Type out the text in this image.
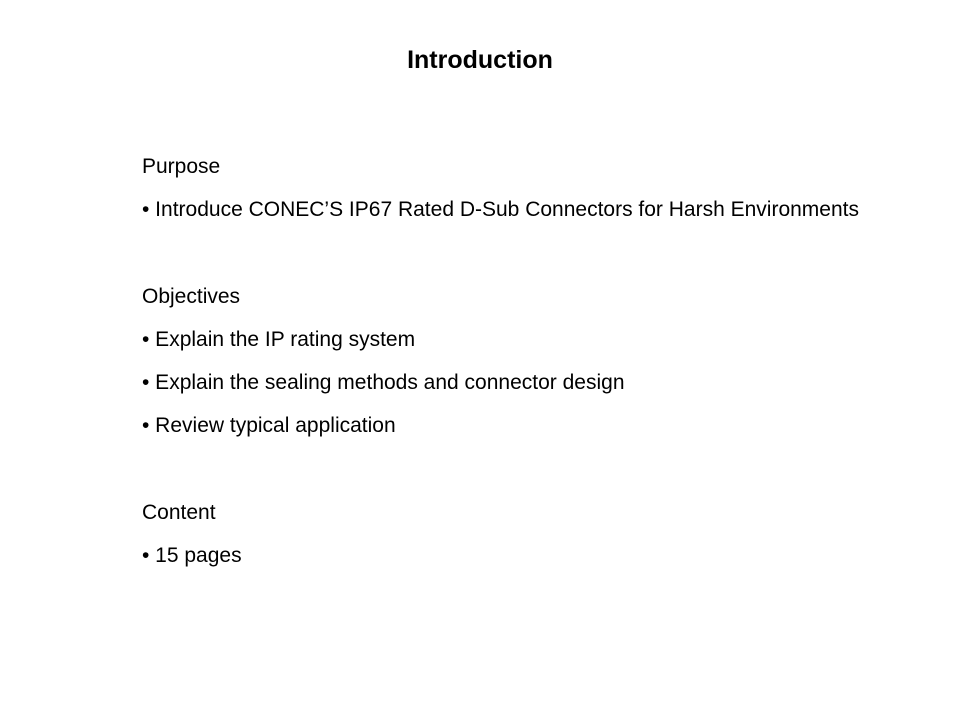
Introduction

Purpose

• Introduce CONEC’S IP67 Rated D-Sub Connectors for Harsh Environments

Objectives

• Explain the IP rating system

• Explain the sealing methods and connector design

• Review typical application

Content

• 15 pages
